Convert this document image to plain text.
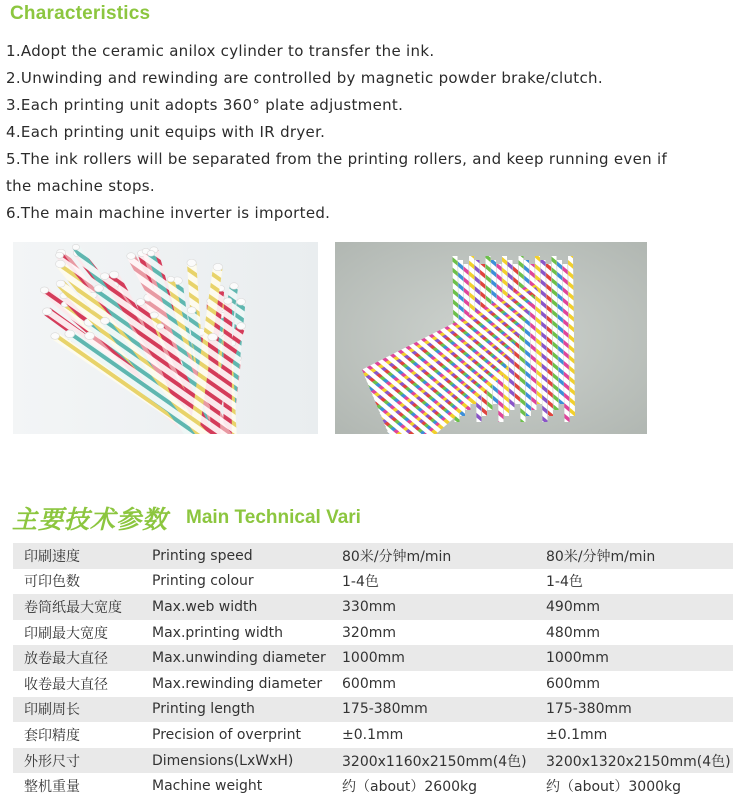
Characteristics
1.Adopt the ceramic anilox cylinder to transfer the ink.
2.Unwinding and rewinding are controlled by magnetic powder brake/clutch.
3.Each printing unit adopts 360° plate adjustment.
4.Each printing unit equips with IR dryer.
5.The ink rollers will be separated from the printing rollers, and keep running even if
the machine stops.
6.The main machine inverter is imported.
主要技术参数 Main Technical Vari
印刷速度	Printing speed	80米/分钟m/min	80米/分钟m/min
可印色数	Printing colour	1-4色	1-4色
卷筒纸最大宽度	Max.web width	330mm	490mm
印刷最大宽度	Max.printing width	320mm	480mm
放卷最大直径	Max.unwinding diameter	1000mm	1000mm
收卷最大直径	Max.rewinding diameter	600mm	600mm
印刷周长	Printing length	175-380mm	175-380mm
套印精度	Precision of overprint	±0.1mm	±0.1mm
外形尺寸	Dimensions(LxWxH)	3200x1160x2150mm(4色)	3200x1320x2150mm(4色)
整机重量	Machine weight	约（about）2600kg	约（about）3000kg
